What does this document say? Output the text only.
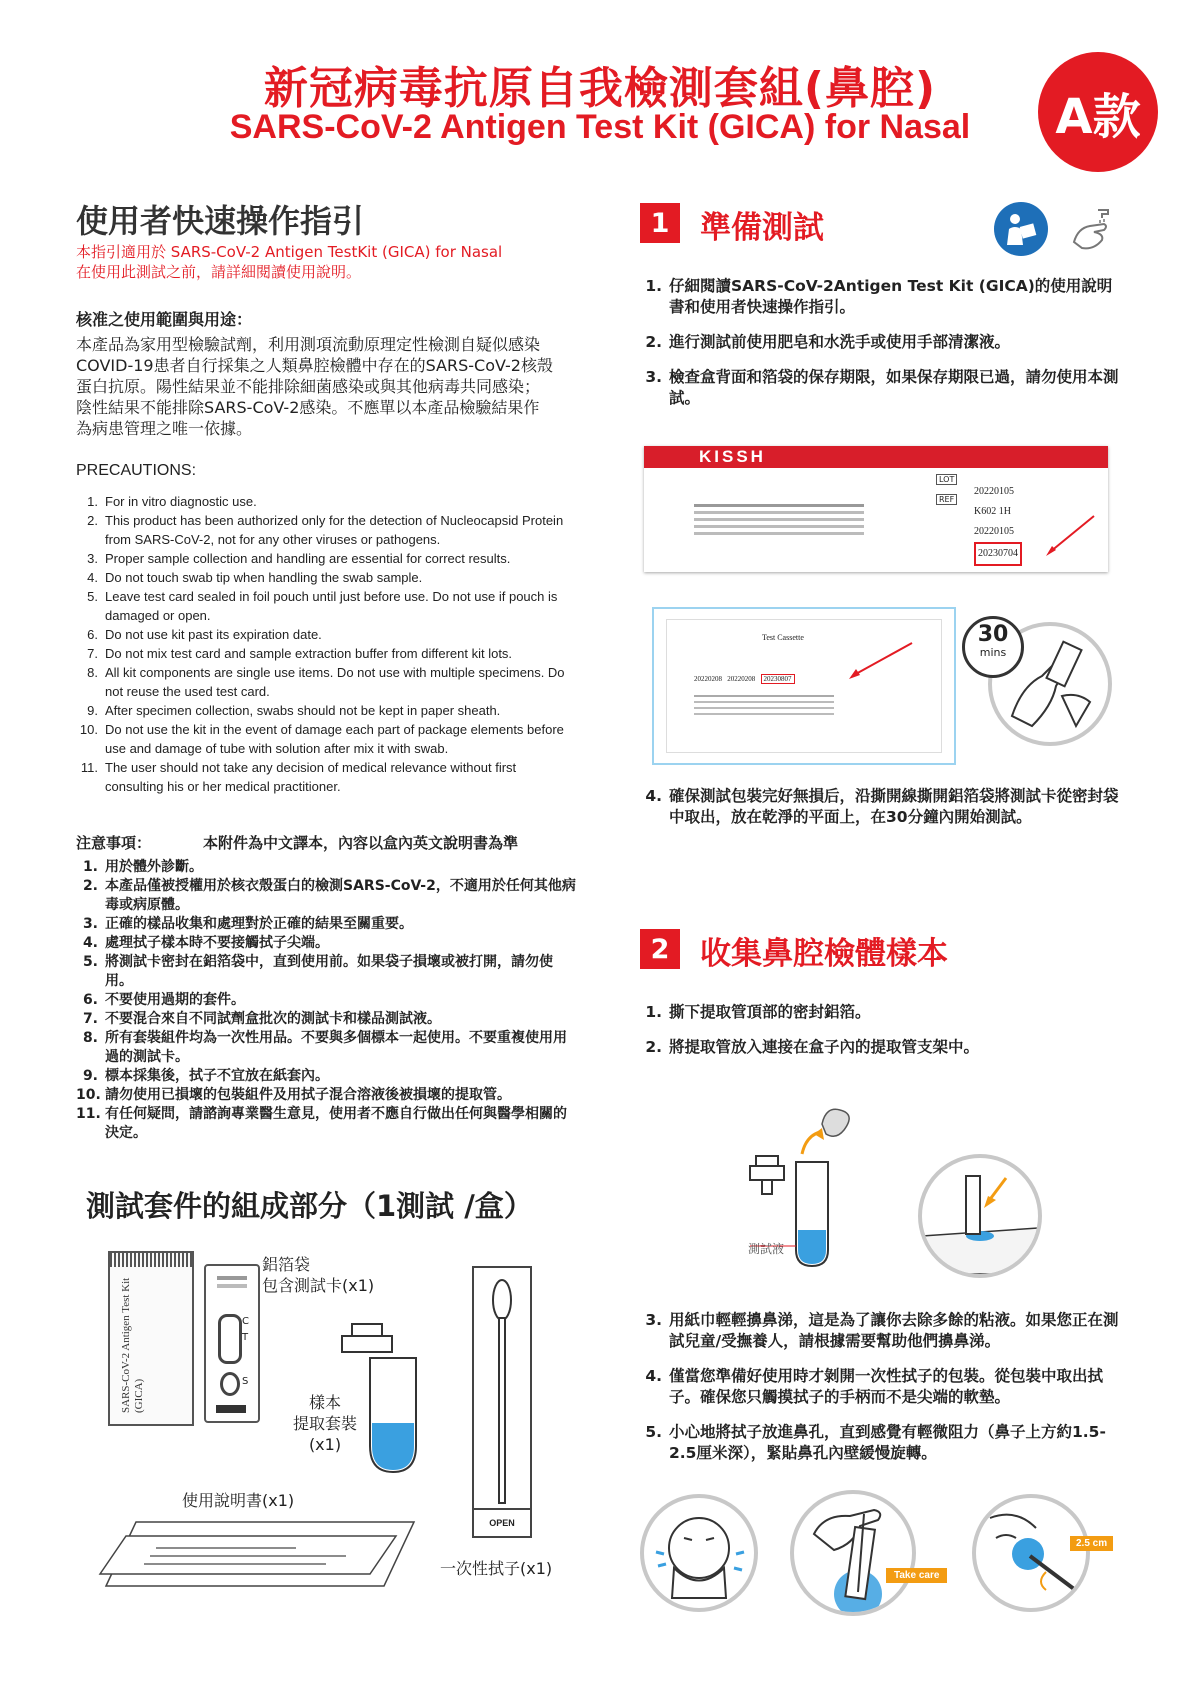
新冠病毒抗原自我檢測套組(鼻腔)
SARS-CoV-2 Antigen Test Kit (GICA) for Nasal	A款
使用者快速操作指引
本指引適用於 SARS-CoV-2 Antigen TestKit (GICA) for Nasal
在使用此測試之前，請詳細閱讀使用說明。
核准之使用範圍與用途：
本產品為家用型檢驗試劑，利用測項流動原理定性檢測自疑似感染
COVID-19患者自行採集之人類鼻腔檢體中存在的SARS-CoV-2核殼
蛋白抗原。陽性結果並不能排除細菌感染或與其他病毒共同感染；
陰性結果不能排除SARS-CoV-2感染。不應單以本產品檢驗結果作
為病患管理之唯一依據。
PRECAUTIONS:
1. For in vitro diagnostic use.
2. This product has been authorized only for the detection of Nucleocapsid Protein from SARS-CoV-2, not for any other viruses or pathogens.
3. Proper sample collection and handling are essential for correct results.
4. Do not touch swab tip when handling the swab sample.
5. Leave test card sealed in foil pouch until just before use. Do not use if pouch is damaged or open.
6. Do not use kit past its expiration date.
7. Do not mix test card and sample extraction buffer from different kit lots.
8. All kit components are single use items. Do not use with multiple specimens. Do not reuse the used test card.
9. After specimen collection, swabs should not be kept in paper sheath.
10. Do not use the kit in the event of damage each part of package elements before use and damage of tube with solution after mix it with swab.
11. The user should not take any decision of medical relevance without first consulting his or her medical practitioner.
注意事項：	本附件為中文譯本，內容以盒內英文說明書為準
1. 用於體外診斷。
2. 本產品僅被授權用於核衣殼蛋白的檢測SARS-CoV-2，不適用於任何其他病毒或病原體。
3. 正確的樣品收集和處理對於正確的結果至關重要。
4. 處理拭子樣本時不要接觸拭子尖端。
5. 將測試卡密封在鋁箔袋中，直到使用前。如果袋子損壞或被打開，請勿使用。
6. 不要使用過期的套件。
7. 不要混合來自不同試劑盒批次的測試卡和樣品測試液。
8. 所有套裝組件均為一次性用品。不要與多個標本一起使用。不要重複使用用過的測試卡。
9. 標本採集後，拭子不宜放在紙套內。
10. 請勿使用已損壞的包裝組件及用拭子混合溶液後被損壞的提取管。
11. 有任何疑問，請諮詢專業醫生意見，使用者不應自行做出任何與醫學相關的決定。
測試套件的組成部分（1測試 /盒）
SARS-CoV-2 Antigen Test Kit (GICA)
C
T
S
鋁箔袋
包含測試卡(x1)
樣本
提取套裝
(x1)
OPEN
一次性拭子(x1)
使用說明書(x1)
1 準備測試
1. 仔細閱讀SARS-CoV-2Antigen Test Kit (GICA)的使用說明書和使用者快速操作指引。
2. 進行測試前使用肥皂和水洗手或使用手部清潔液。
3. 檢查盒背面和箔袋的保存期限，如果保存期限已過，請勿使用本測試。
KISSH
LOT
REF
20220105
K602 1H
20220105
20230704
Test Cassette
20220208 20220208 20230807
30
mins
4. 確保測試包裝完好無損后，沿撕開線撕開鋁箔袋將測試卡從密封袋中取出，放在乾淨的平面上，在30分鐘內開始測試。
2 收集鼻腔檢體樣本
1. 撕下提取管頂部的密封鋁箔。
2. 將提取管放入連接在盒子內的提取管支架中。
測試液
3. 用紙巾輕輕擤鼻涕，這是為了讓你去除多餘的粘液。如果您正在測試兒童/受撫養人，請根據需要幫助他們擤鼻涕。
4. 僅當您準備好使用時才剝開一次性拭子的包裝。從包裝中取出拭子。確保您只觸摸拭子的手柄而不是尖端的軟墊。
5. 小心地將拭子放進鼻孔，直到感覺有輕微阻力（鼻子上方約1.5-2.5厘米深），緊貼鼻孔內壁緩慢旋轉。
Take care
2.5 cm
